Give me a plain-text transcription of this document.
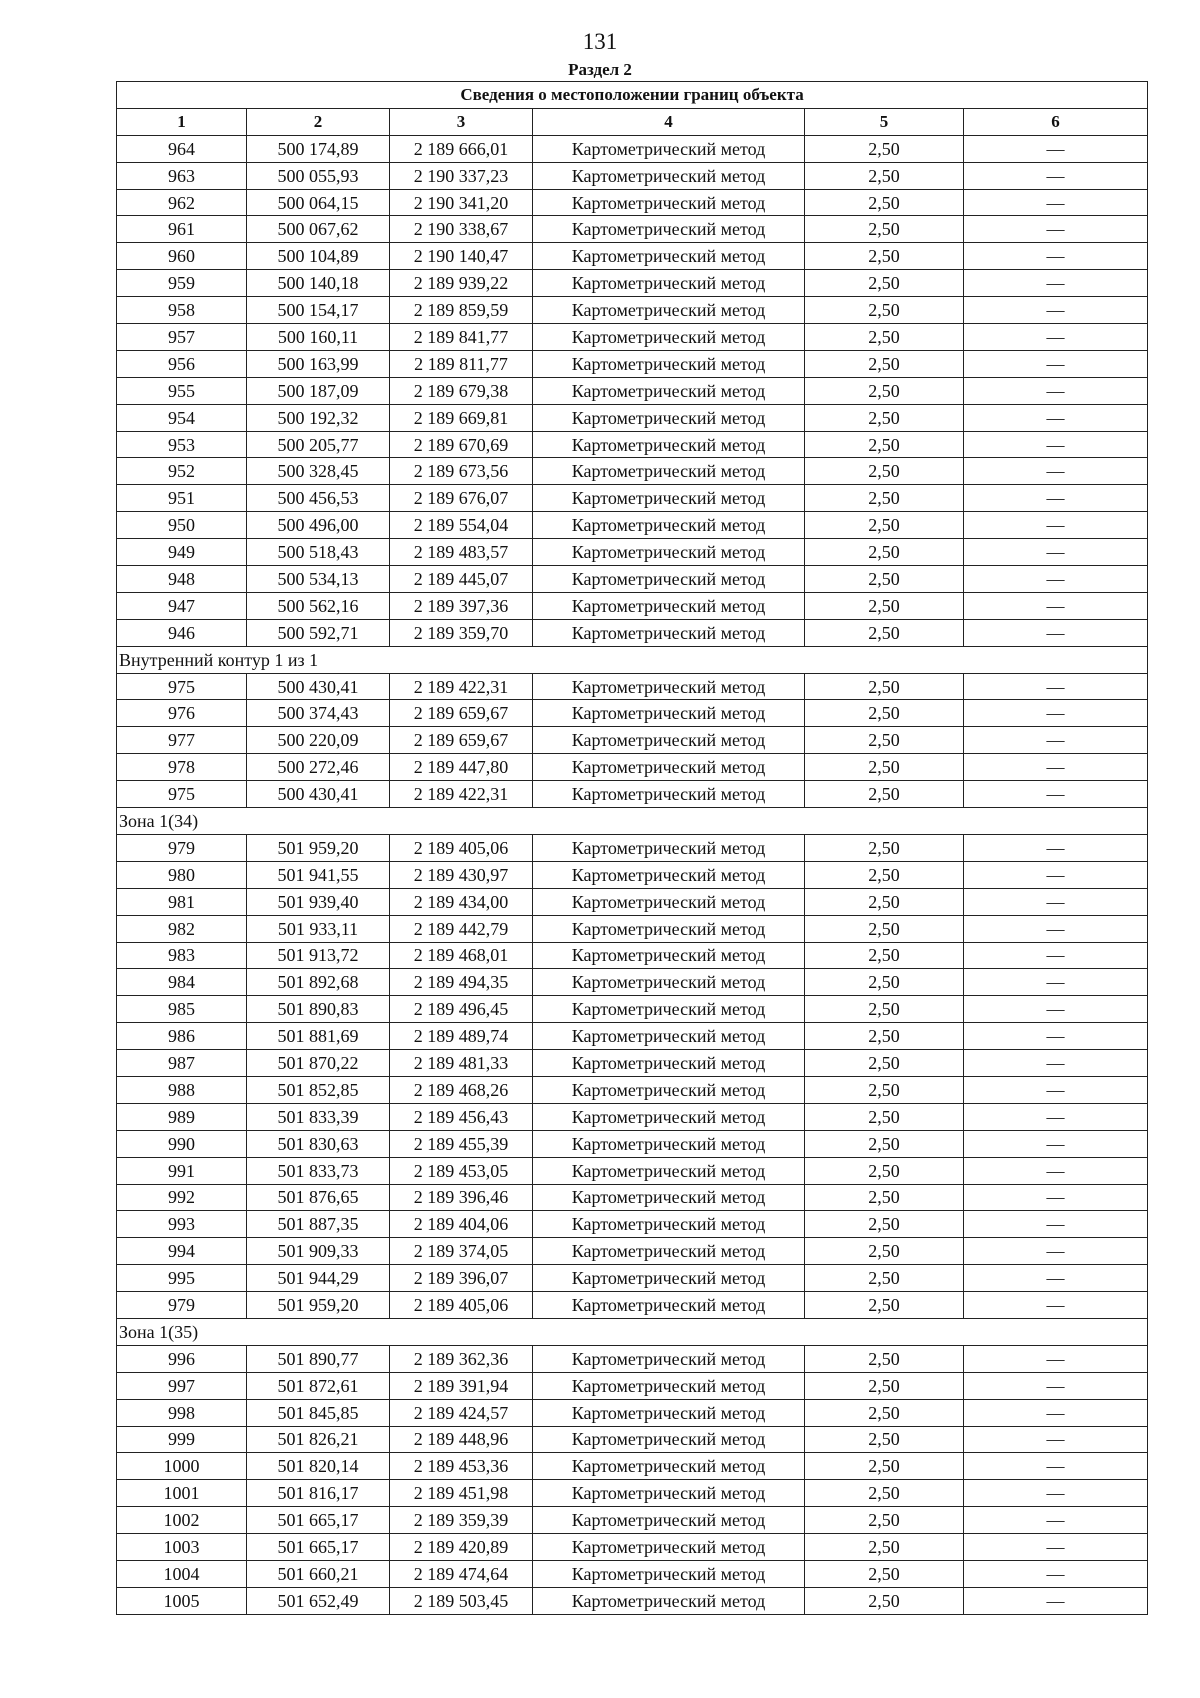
131
Раздел 2
Сведения о местоположении границ объекта					
1	2	3	4	5	6
964	500 174,89	2 189 666,01	Картометрический метод	2,50	—
963	500 055,93	2 190 337,23	Картометрический метод	2,50	—
962	500 064,15	2 190 341,20	Картометрический метод	2,50	—
961	500 067,62	2 190 338,67	Картометрический метод	2,50	—
960	500 104,89	2 190 140,47	Картометрический метод	2,50	—
959	500 140,18	2 189 939,22	Картометрический метод	2,50	—
958	500 154,17	2 189 859,59	Картометрический метод	2,50	—
957	500 160,11	2 189 841,77	Картометрический метод	2,50	—
956	500 163,99	2 189 811,77	Картометрический метод	2,50	—
955	500 187,09	2 189 679,38	Картометрический метод	2,50	—
954	500 192,32	2 189 669,81	Картометрический метод	2,50	—
953	500 205,77	2 189 670,69	Картометрический метод	2,50	—
952	500 328,45	2 189 673,56	Картометрический метод	2,50	—
951	500 456,53	2 189 676,07	Картометрический метод	2,50	—
950	500 496,00	2 189 554,04	Картометрический метод	2,50	—
949	500 518,43	2 189 483,57	Картометрический метод	2,50	—
948	500 534,13	2 189 445,07	Картометрический метод	2,50	—
947	500 562,16	2 189 397,36	Картометрический метод	2,50	—
946	500 592,71	2 189 359,70	Картометрический метод	2,50	—
Внутренний контур 1 из 1					
975	500 430,41	2 189 422,31	Картометрический метод	2,50	—
976	500 374,43	2 189 659,67	Картометрический метод	2,50	—
977	500 220,09	2 189 659,67	Картометрический метод	2,50	—
978	500 272,46	2 189 447,80	Картометрический метод	2,50	—
975	500 430,41	2 189 422,31	Картометрический метод	2,50	—
Зона 1(34)					
979	501 959,20	2 189 405,06	Картометрический метод	2,50	—
980	501 941,55	2 189 430,97	Картометрический метод	2,50	—
981	501 939,40	2 189 434,00	Картометрический метод	2,50	—
982	501 933,11	2 189 442,79	Картометрический метод	2,50	—
983	501 913,72	2 189 468,01	Картометрический метод	2,50	—
984	501 892,68	2 189 494,35	Картометрический метод	2,50	—
985	501 890,83	2 189 496,45	Картометрический метод	2,50	—
986	501 881,69	2 189 489,74	Картометрический метод	2,50	—
987	501 870,22	2 189 481,33	Картометрический метод	2,50	—
988	501 852,85	2 189 468,26	Картометрический метод	2,50	—
989	501 833,39	2 189 456,43	Картометрический метод	2,50	—
990	501 830,63	2 189 455,39	Картометрический метод	2,50	—
991	501 833,73	2 189 453,05	Картометрический метод	2,50	—
992	501 876,65	2 189 396,46	Картометрический метод	2,50	—
993	501 887,35	2 189 404,06	Картометрический метод	2,50	—
994	501 909,33	2 189 374,05	Картометрический метод	2,50	—
995	501 944,29	2 189 396,07	Картометрический метод	2,50	—
979	501 959,20	2 189 405,06	Картометрический метод	2,50	—
Зона 1(35)					
996	501 890,77	2 189 362,36	Картометрический метод	2,50	—
997	501 872,61	2 189 391,94	Картометрический метод	2,50	—
998	501 845,85	2 189 424,57	Картометрический метод	2,50	—
999	501 826,21	2 189 448,96	Картометрический метод	2,50	—
1000	501 820,14	2 189 453,36	Картометрический метод	2,50	—
1001	501 816,17	2 189 451,98	Картометрический метод	2,50	—
1002	501 665,17	2 189 359,39	Картометрический метод	2,50	—
1003	501 665,17	2 189 420,89	Картометрический метод	2,50	—
1004	501 660,21	2 189 474,64	Картометрический метод	2,50	—
1005	501 652,49	2 189 503,45	Картометрический метод	2,50	—
